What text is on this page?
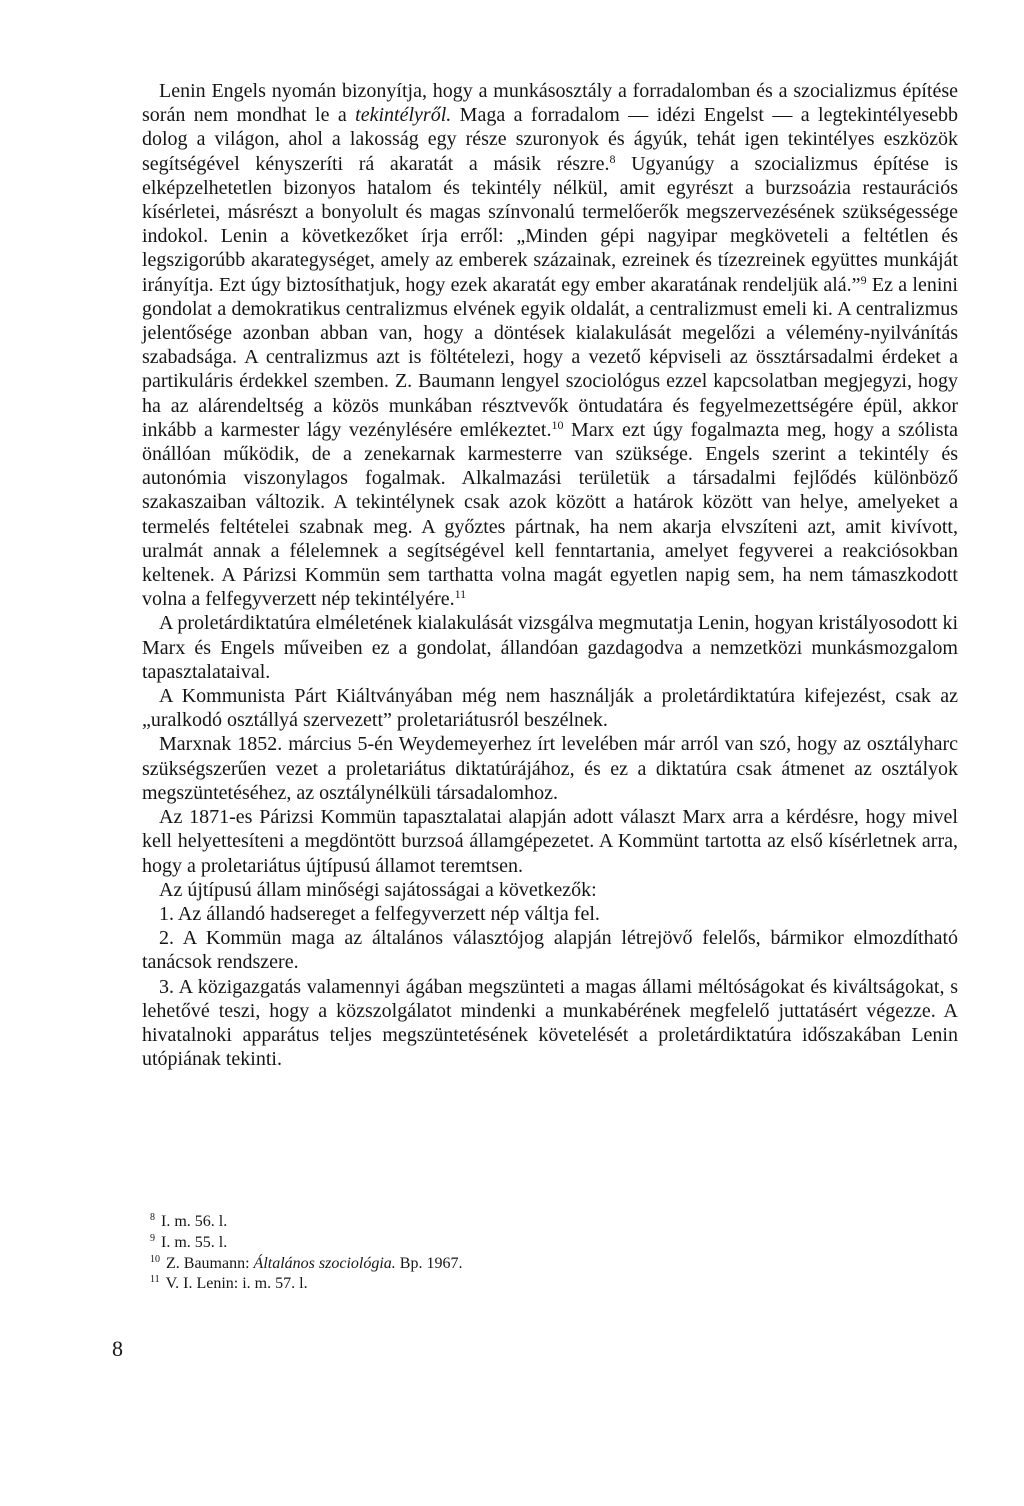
Lenin Engels nyomán bizonyítja, hogy a munkásosztály a forradalomban és a szocializmus építése során nem mondhat le a tekintélyről. Maga a forradalom — idézi Engelst — a legtekintélyesebb dolog a világon, ahol a lakosság egy része szuronyok és ágyúk, tehát igen tekintélyes eszközök segítségével kényszeríti rá akaratát a másik részre.$^8$ Ugyanúgy a szocializmus építése is elképzelhetetlen bizonyos hatalom és tekintély nélkül, amit egyrészt a burzsoázia restaurációs kísérletei, másrészt a bonyolult és magas színvonalú termelőerők megszervezésének szükségessége indokol. Lenin a következőket írja erről: „Minden gépi nagyipar megköveteli a feltétlen és legszigorúbb akarategységet, amely az emberek százainak, ezreinek és tízezreinek együttes munkáját irányítja. Ezt úgy biztosíthatjuk, hogy ezek akaratát egy ember akaratának rendeljük alá.”$^9$ Ez a lenini gondolat a demokratikus centralizmus elvének egyik oldalát, a centralizmust emeli ki. A centralizmus jelentősége azonban abban van, hogy a döntések kialakulását megelőzi a vélemény-nyilvánítás szabadsága. A centralizmus azt is föltételezi, hogy a vezető képviseli az össztársadalmi érdeket a partikuláris érdekkel szemben. Z. Baumann lengyel szociológus ezzel kapcsolatban megjegyzi, hogy ha az alárendeltség a közös munkában résztvevők öntudatára és fegyelmezettségére épül, akkor inkább a karmester lágy vezénylésére emlékeztet.$^{10}$ Marx ezt úgy fogalmazta meg, hogy a szólista önállóan működik, de a zenekarnak karmesterre van szüksége. Engels szerint a tekintély és autonómia viszonylagos fogalmak. Alkalmazási területük a társadalmi fejlődés különböző szakaszaiban változik. A tekintélynek csak azok között a határok között van helye, amelyeket a termelés feltételei szabnak meg. A győztes pártnak, ha nem akarja elvszíteni azt, amit kivívott, uralmát annak a félelemnek a segítségével kell fenntartania, amelyet fegyverei a reakciósokban keltenek. A Párizsi Kommün sem tarthatta volna magát egyetlen napig sem, ha nem támaszkodott volna a felfegyverzett nép tekintélyére.$^{11}$

A proletárdiktatúra elméletének kialakulását vizsgálva megmutatja Lenin, hogyan kristályosodott ki Marx és Engels műveiben ez a gondolat, állandóan gazdagodva a nemzetközi munkásmozgalom tapasztalataival.

A Kommunista Párt Kiáltványában még nem használják a proletárdiktatúra kifejezést, csak az „uralkodó osztállyá szervezett” proletariátusról beszélnek.

Marxnak 1852. március 5-én Weydemeyerhez írt levelében már arról van szó, hogy az osztályharc szükségszerűen vezet a proletariátus diktatúrájához, és ez a diktatúra csak átmenet az osztályok megszüntetéséhez, az osztálynélküli társadalomhoz.

Az 1871-es Párizsi Kommün tapasztalatai alapján adott választ Marx arra a kérdésre, hogy mivel kell helyettesíteni a megdöntött burzsoá államgépezetet. A Kommünt tartotta az első kísérletnek arra, hogy a proletariátus újtípusú államot teremtsen.

Az újtípusú állam minőségi sajátosságai a következők:

1. Az állandó hadsereget a felfegyverzett nép váltja fel.

2. A Kommün maga az általános választójog alapján létrejövő felelős, bármikor elmozdítható tanácsok rendszere.

3. A közigazgatás valamennyi ágában megszünteti a magas állami méltóságokat és kiváltságokat, s lehetővé teszi, hogy a közszolgálatot mindenki a munkabérének megfelelő juttatásért végezze. A hivatalnoki apparátus teljes megszüntetésének követelését a proletárdiktatúra időszakában Lenin utópiának tekinti.

$^8$ I. m. 56. l.

$^9$ I. m. 55. l.

$^{10}$ Z. Baumann: Általános szociológia. Bp. 1967.

$^{11}$ V. I. Lenin: i. m. 57. l.

8
